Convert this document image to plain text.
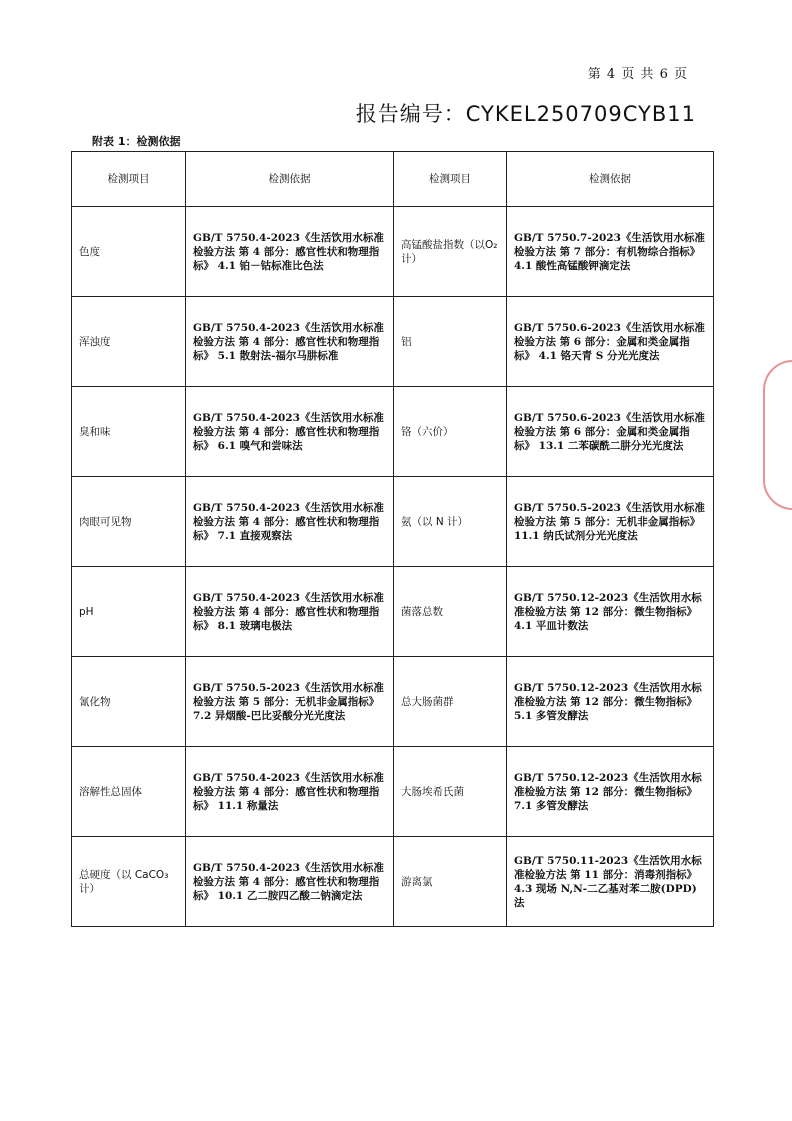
第 4 页 共 6 页
报告编号：CYKEL250709CYB11
附表 1：检测依据
检测项目	检测依据	检测项目	检测依据
色度	GB/T 5750.4-2023《生活饮用水标准检验方法 第 4 部分：感官性状和物理指标》 4.1 铂－钴标准比色法	高锰酸盐指数（以O₂计）	GB/T 5750.7-2023《生活饮用水标准检验方法 第 7 部分：有机物综合指标》 4.1 酸性高锰酸钾滴定法
浑浊度	GB/T 5750.4-2023《生活饮用水标准检验方法 第 4 部分：感官性状和物理指标》 5.1 散射法-福尔马肼标准	铝	GB/T 5750.6-2023《生活饮用水标准检验方法 第 6 部分：金属和类金属指标》 4.1 铬天青 S 分光光度法
臭和味	GB/T 5750.4-2023《生活饮用水标准检验方法 第 4 部分：感官性状和物理指标》 6.1 嗅气和尝味法	铬（六价）	GB/T 5750.6-2023《生活饮用水标准检验方法 第 6 部分：金属和类金属指标》 13.1 二苯碳酰二肼分光光度法
肉眼可见物	GB/T 5750.4-2023《生活饮用水标准检验方法 第 4 部分：感官性状和物理指标》 7.1 直接观察法	氨（以 N 计）	GB/T 5750.5-2023《生活饮用水标准检验方法 第 5 部分：无机非金属指标》 11.1 纳氏试剂分光光度法
pH	GB/T 5750.4-2023《生活饮用水标准检验方法 第 4 部分：感官性状和物理指标》 8.1 玻璃电极法	菌落总数	GB/T 5750.12-2023《生活饮用水标准检验方法 第 12 部分：微生物指标》 4.1 平皿计数法
氰化物	GB/T 5750.5-2023《生活饮用水标准检验方法 第 5 部分：无机非金属指标》 7.2 异烟酸-巴比妥酸分光光度法	总大肠菌群	GB/T 5750.12-2023《生活饮用水标准检验方法 第 12 部分：微生物指标》 5.1 多管发酵法
溶解性总固体	GB/T 5750.4-2023《生活饮用水标准检验方法 第 4 部分：感官性状和物理指标》 11.1 称量法	大肠埃希氏菌	GB/T 5750.12-2023《生活饮用水标准检验方法 第 12 部分：微生物指标》 7.1 多管发酵法
总硬度（以 CaCO₃计）	GB/T 5750.4-2023《生活饮用水标准检验方法 第 4 部分：感官性状和物理指标》 10.1 乙二胺四乙酸二钠滴定法	游离氯	GB/T 5750.11-2023《生活饮用水标准检验方法 第 11 部分：消毒剂指标》 4.3 现场 N,N-二乙基对苯二胺(DPD)法
